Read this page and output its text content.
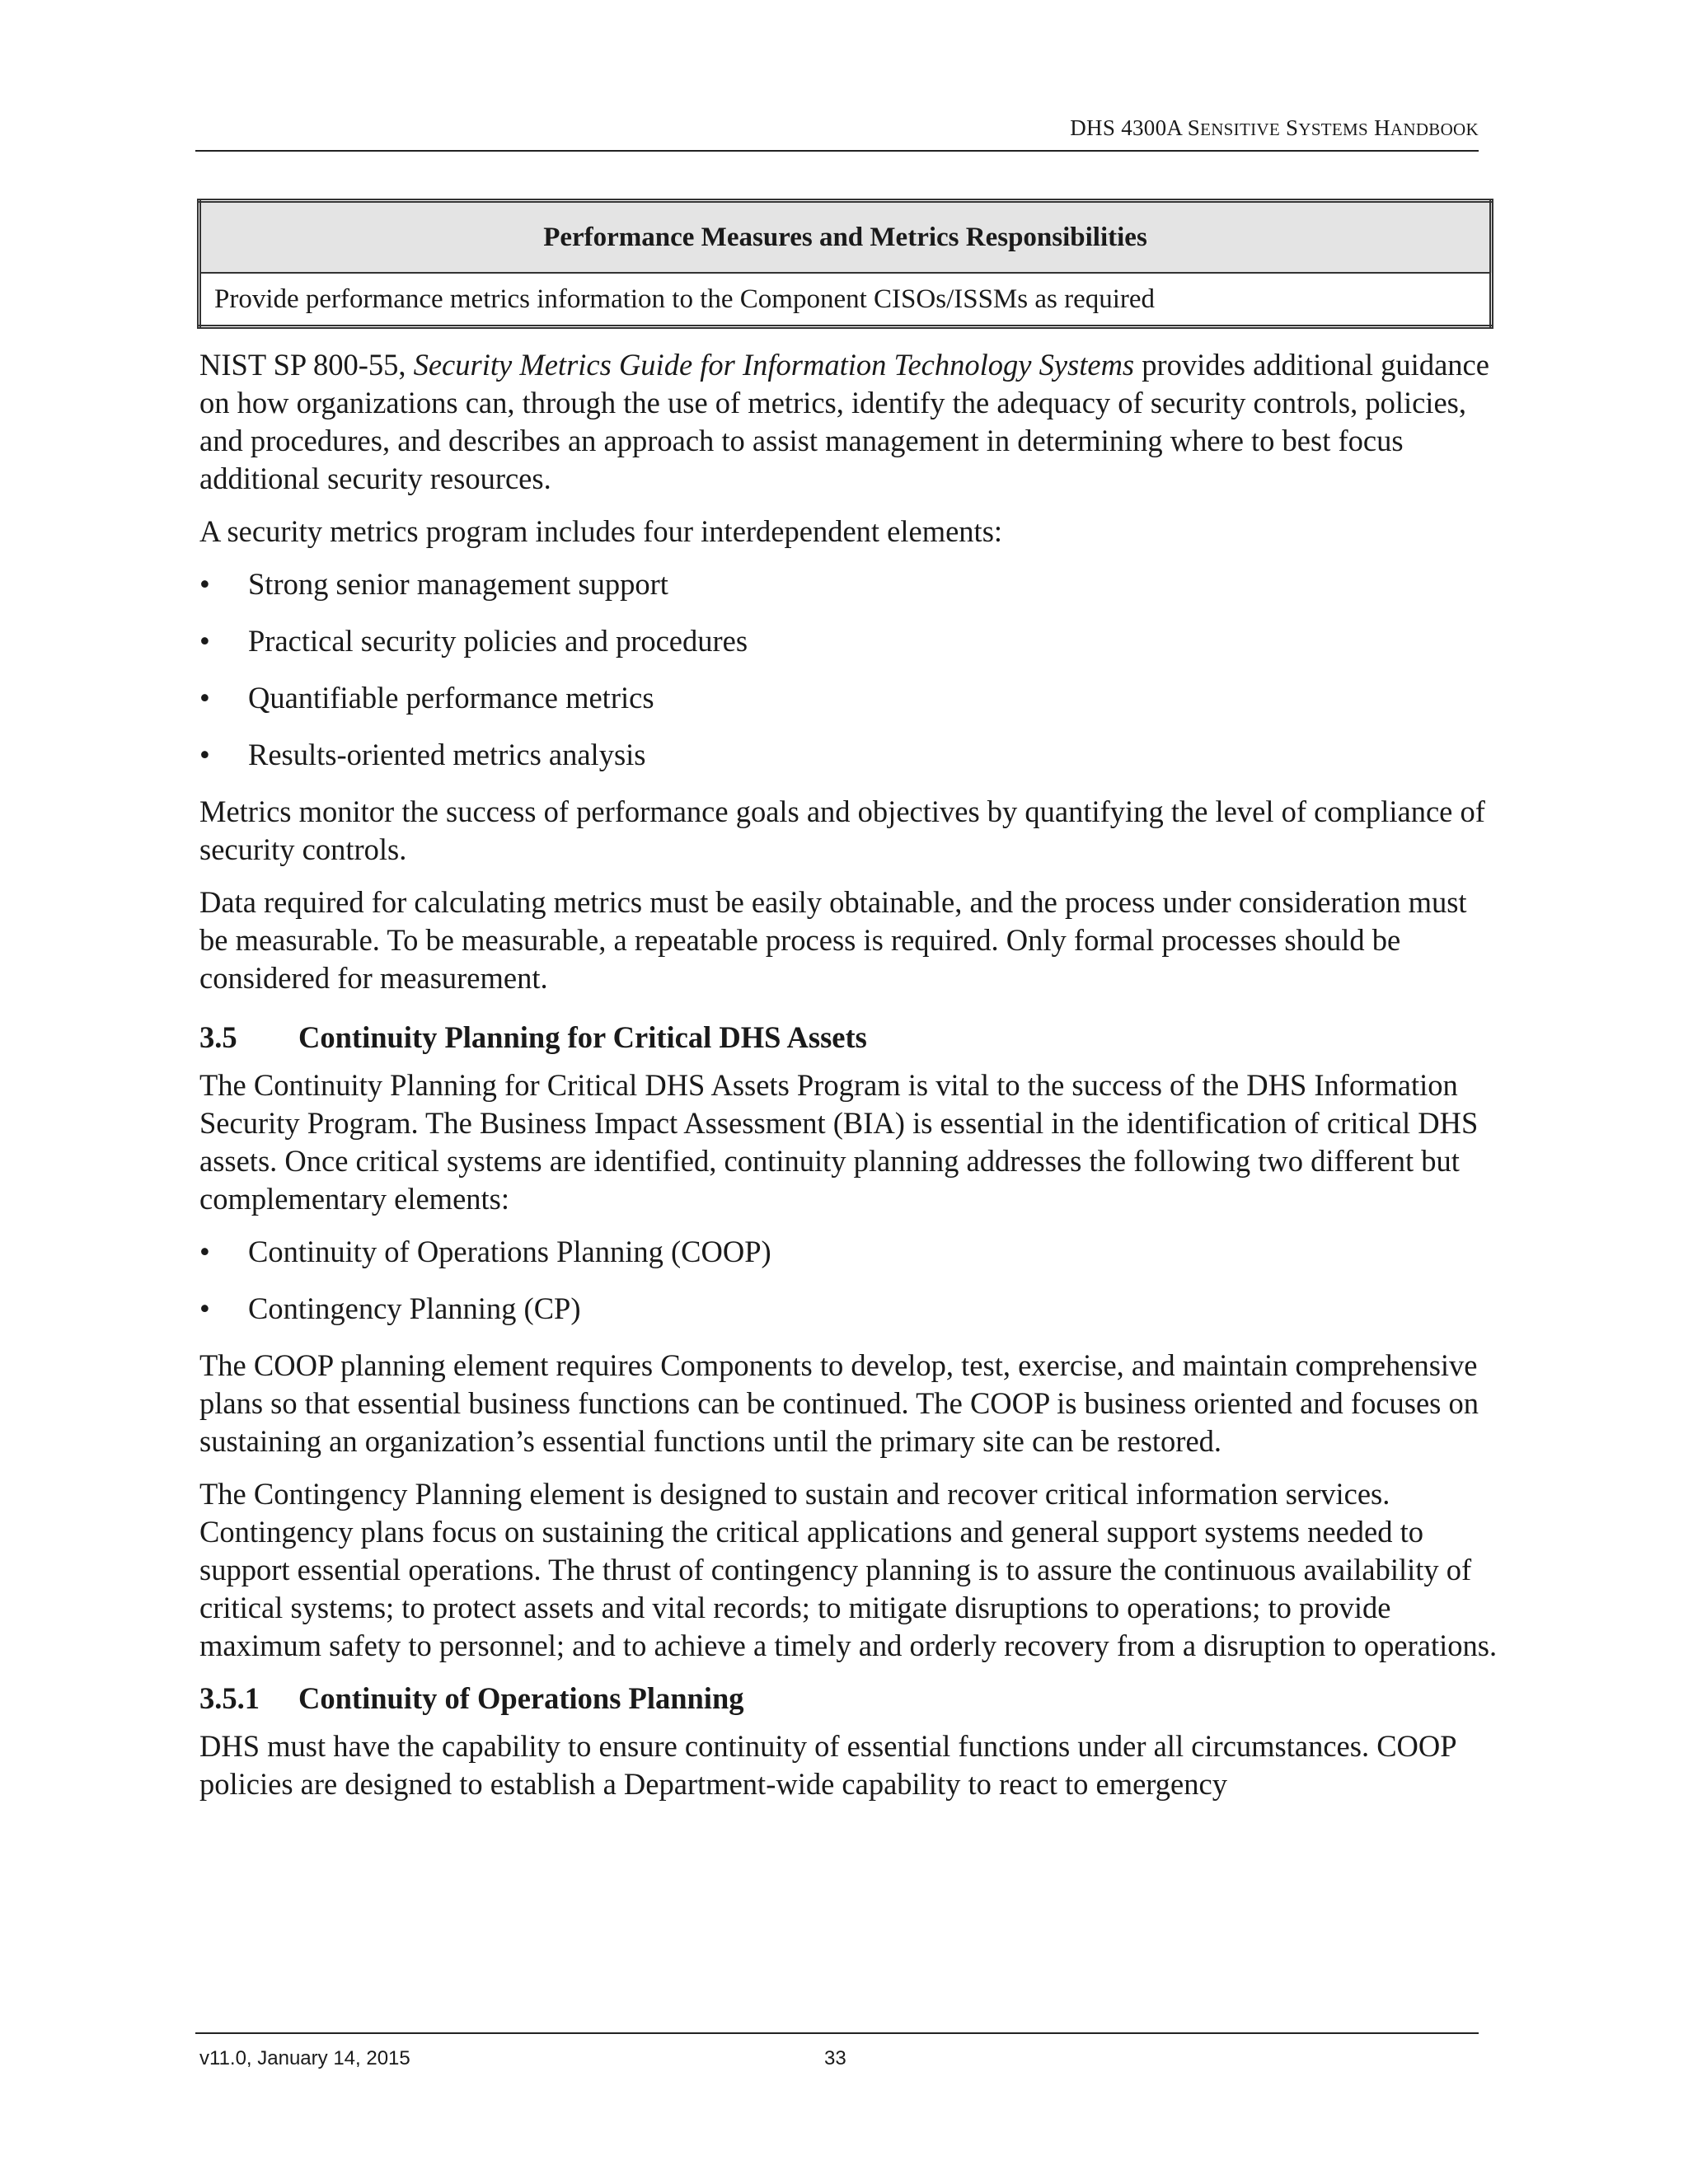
DHS 4300A SENSITIVE SYSTEMS HANDBOOK
Performance Measures and Metrics Responsibilities
Provide performance metrics information to the Component CISOs/ISSMs as required

NIST SP 800-55, Security Metrics Guide for Information Technology Systems provides additional guidance on how organizations can, through the use of metrics, identify the adequacy of security controls, policies, and procedures, and describes an approach to assist management in determining where to best focus additional security resources.

A security metrics program includes four interdependent elements:

• Strong senior management support
• Practical security policies and procedures
• Quantifiable performance metrics
• Results-oriented metrics analysis

Metrics monitor the success of performance goals and objectives by quantifying the level of compliance of security controls.

Data required for calculating metrics must be easily obtainable, and the process under consideration must be measurable. To be measurable, a repeatable process is required. Only formal processes should be considered for measurement.

3.5 Continuity Planning for Critical DHS Assets

The Continuity Planning for Critical DHS Assets Program is vital to the success of the DHS Information Security Program. The Business Impact Assessment (BIA) is essential in the identification of critical DHS assets. Once critical systems are identified, continuity planning addresses the following two different but complementary elements:

• Continuity of Operations Planning (COOP)
• Contingency Planning (CP)

The COOP planning element requires Components to develop, test, exercise, and maintain comprehensive plans so that essential business functions can be continued. The COOP is business oriented and focuses on sustaining an organization’s essential functions until the primary site can be restored.

The Contingency Planning element is designed to sustain and recover critical information services. Contingency plans focus on sustaining the critical applications and general support systems needed to support essential operations. The thrust of contingency planning is to assure the continuous availability of critical systems; to protect assets and vital records; to mitigate disruptions to operations; to provide maximum safety to personnel; and to achieve a timely and orderly recovery from a disruption to operations.

3.5.1 Continuity of Operations Planning

DHS must have the capability to ensure continuity of essential functions under all circumstances. COOP policies are designed to establish a Department-wide capability to react to emergency

v11.0, January 14, 2015	33
